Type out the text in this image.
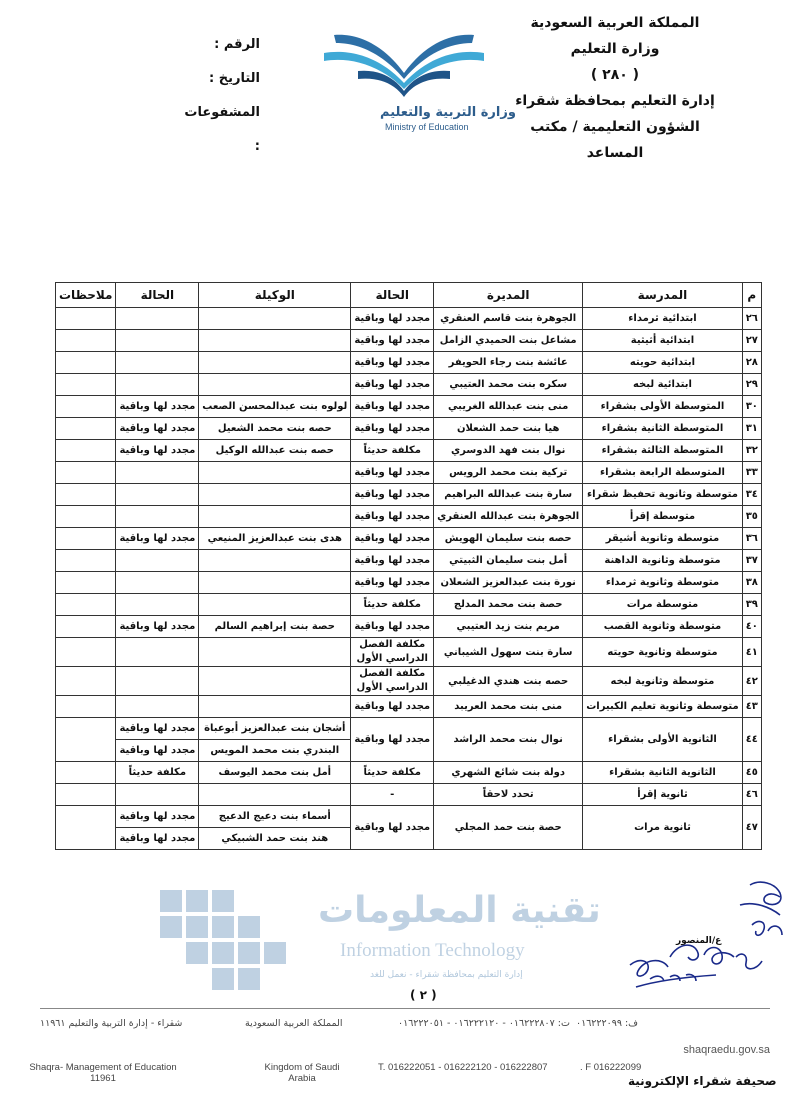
المملكة العربية السعودية
وزارة التعليم
( ٢٨٠ )
إدارة التعليم بمحافظة شقراء
الشؤون التعليمية / مكتب المساعد
وزارة التربية والتعليم
Ministry of Education
الرقم :
التاريخ :
المشفوعات :
م	المدرسة	المديرة	الحالة	الوكيلة	الحالة	ملاحظات
٢٦	ابتدائية ثرمداء	الجوهرة بنت قاسم العنقري	مجدد لها وباقية			
٢٧	ابتدائية أثيثية	مشاعل بنت الحميدي الزامل	مجدد لها وباقية			
٢٨	ابتدائية حويته	عائشة بنت رجاء الحويفر	مجدد لها وباقية			
٢٩	ابتدائية لبخه	سكره بنت محمد العتيبي	مجدد لها وباقية			
٣٠	المتوسطة الأولى بشقراء	منى بنت عبدالله الغريبي	مجدد لها وباقية	لولوه بنت عبدالمحسن الصعب	مجدد لها وباقية	
٣١	المتوسطة الثانية بشقراء	هيا بنت حمد الشعلان	مجدد لها وباقية	حصه بنت محمد الشعيل	مجدد لها وباقية	
٣٢	المتوسطة الثالثة بشقراء	نوال بنت فهد الدوسري	مكلفة حديثاً	حصه بنت عبدالله الوكيل	مجدد لها وباقية	
٣٣	المتوسطة الرابعة بشقراء	تركية بنت محمد الرويس	مجدد لها وباقية			
٣٤	متوسطة وثانوية تحفيظ شقراء	سارة بنت عبدالله البراهيم	مجدد لها وباقية			
٣٥	متوسطة إقرأ	الجوهرة بنت عبدالله العنقري	مجدد لها وباقية			
٣٦	متوسطة وثانوية أشيقر	حصه بنت سليمان الهويش	مجدد لها وباقية	هدى بنت عبدالعزيز المنيعي	مجدد لها وباقية	
٣٧	متوسطة وثانوية الداهنة	أمل بنت سليمان الثبيتي	مجدد لها وباقية			
٣٨	متوسطة وثانوية ثرمداء	نورة بنت عبدالعزيز الشعلان	مجدد لها وباقية			
٣٩	متوسطة مرات	حصة بنت محمد المدلج	مكلفة حديثاً			
٤٠	متوسطة وثانوية القصب	مريم بنت زيد العتيبي	مجدد لها وباقية	حصة بنت إبراهيم السالم	مجدد لها وباقية	
٤١	متوسطة وثانوية حويته	سارة بنت سهول الشيباني	مكلفة الفصل الدراسي الأول			
٤٢	متوسطة وثانوية لبخه	حصه بنت هندي الدغيلبي	مكلفة الفصل الدراسي الأول			
٤٣	متوسطة وثانوية تعليم الكبيرات	منى بنت محمد العريبد	مجدد لها وباقية			
٤٤	الثانوية الأولى بشقراء	نوال بنت محمد الراشد	مجدد لها وباقية	أشجان بنت عبدالعزيز أبوعباة	مجدد لها وباقية	
				البندري بنت محمد المويس	مجدد لها وباقية	
٤٥	الثانوية الثانية بشقراء	دولة بنت شائع الشهري	مكلفة حديثاً	أمل بنت محمد اليوسف	مكلفة حديثاً	
٤٦	ثانوية إقرأ	تحدد لاحقاً	-			
٤٧	ثانوية مرات	حصة بنت حمد المجلي	مجدد لها وباقية	أسماء بنت دعيج الدعيج	مجدد لها وباقية	
				هند بنت حمد الشبيكي	مجدد لها وباقية	
تقنية المعلومات
Information Technology
إدارة التعليم بمحافظة شقراء - نعمل للغد
ع/المنصور
( ٢ )
شقراء - إدارة التربية والتعليم ١١٩٦١	المملكة العربية السعودية	ت: ٠١٦٢٢٢٨٠٧ - ٠١٦٢٢٢١٢٠ - ٠١٦٢٢٢٠٥١ ف: ٠١٦٢٢٢٠٩٩
Shaqra- Management of Education 11961
Kingdom of Saudi Arabia
T. 016222051 - 016222120 - 016222807	. F 016222099
shaqraedu.gov.sa
صحيفة شقراء الإلكترونية
